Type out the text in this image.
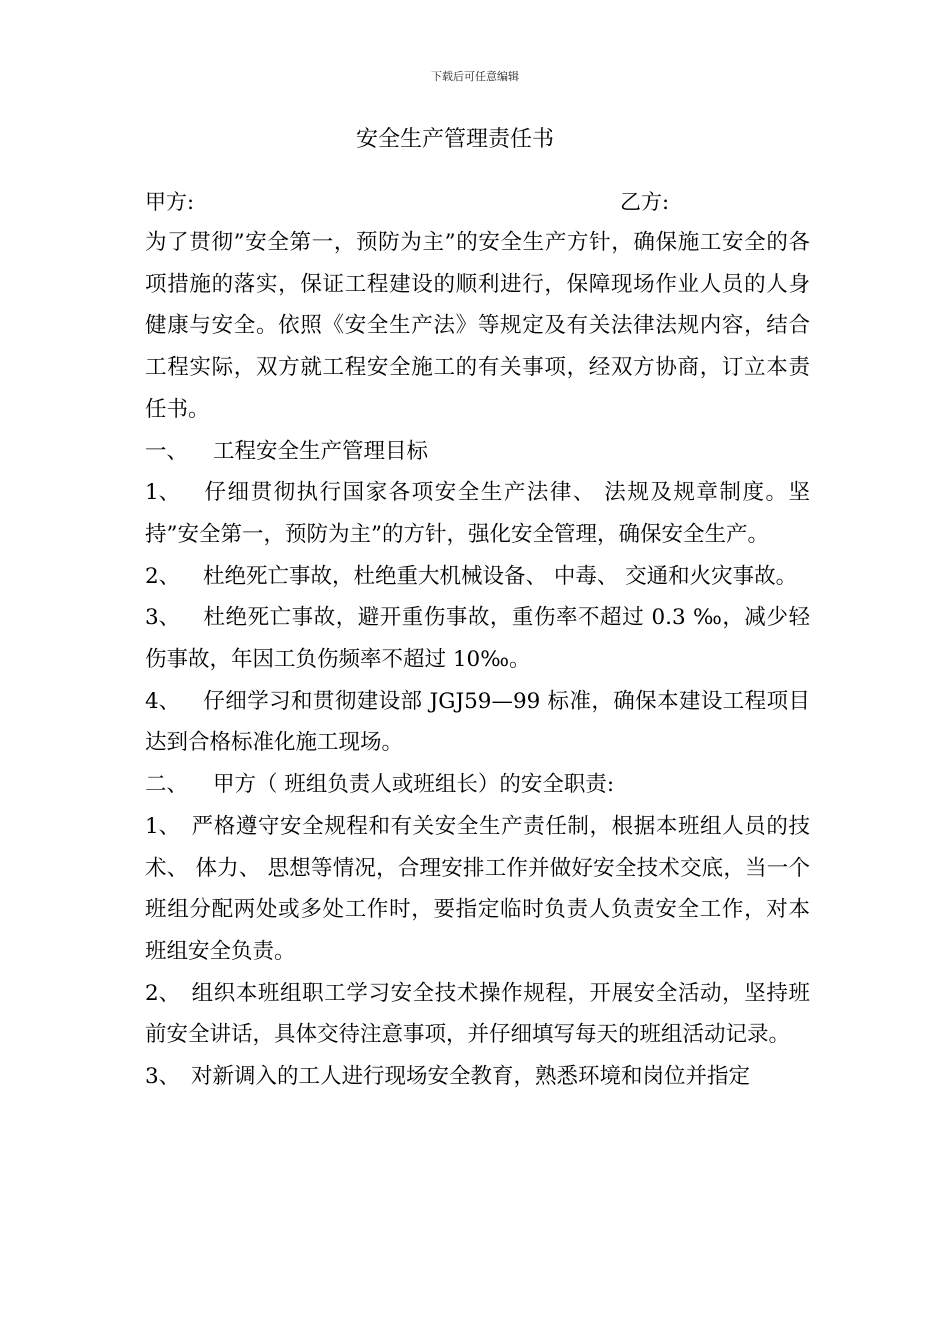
下载后可任意编辑
安全生产管理责任书
甲方:	乙方:

为了贯彻”安全第一，预防为主”的安全生产方针，确保施工安全的各项措施的落实，保证工程建设的顺利进行，保障现场作业人员的人身健康与安全。依照《安全生产法》等规定及有关法律法规内容，结合工程实际，双方就工程安全施工的有关事项，经双方协商，订立本责任书。

一、 工程安全生产管理目标

1、 仔细贯彻执行国家各项安全生产法律、 法规及规章制度。坚持”安全第一，预防为主”的方针，强化安全管理，确保安全生产。

2、 杜绝死亡事故，杜绝重大机械设备、 中毒、 交通和火灾事故。

3、 杜绝死亡事故，避开重伤事故，重伤率不超过 0.3 ‰，减少轻伤事故，年因工负伤频率不超过 10‰。

4、 仔细学习和贯彻建设部 JGJ59—99 标准，确保本建设工程项目达到合格标准化施工现场。

二、 甲方（ 班组负责人或班组长）的安全职责:

1、 严格遵守安全规程和有关安全生产责任制，根据本班组人员的技术、 体力、 思想等情况，合理安排工作并做好安全技术交底，当一个班组分配两处或多处工作时，要指定临时负责人负责安全工作，对本班组安全负责。

2、 组织本班组职工学习安全技术操作规程，开展安全活动，坚持班前安全讲话，具体交待注意事项，并仔细填写每天的班组活动记录。

3、 对新调入的工人进行现场安全教育，熟悉环境和岗位并指定
